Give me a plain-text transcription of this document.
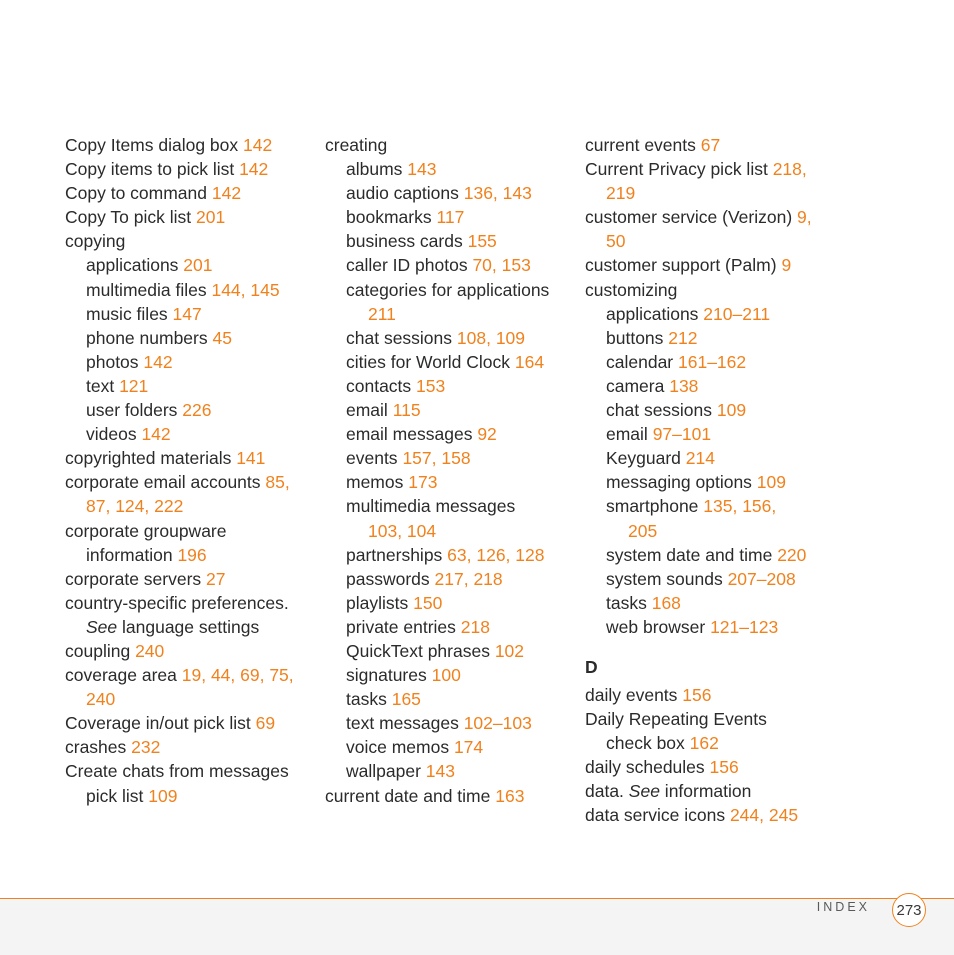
Copy Items dialog box 142
Copy items to pick list 142
Copy to command 142
Copy To pick list 201
copying
applications 201
multimedia files 144, 145
music files 147
phone numbers 45
photos 142
text 121
user folders 226
videos 142
copyrighted materials 141
corporate email accounts 85,
87, 124, 222
corporate groupware
information 196
corporate servers 27
country-specific preferences.
See language settings
coupling 240
coverage area 19, 44, 69, 75,
240
Coverage in/out pick list 69
crashes 232
Create chats from messages
pick list 109
creating
albums 143
audio captions 136, 143
bookmarks 117
business cards 155
caller ID photos 70, 153
categories for applications
211
chat sessions 108, 109
cities for World Clock 164
contacts 153
email 115
email messages 92
events 157, 158
memos 173
multimedia messages
103, 104
partnerships 63, 126, 128
passwords 217, 218
playlists 150
private entries 218
QuickText phrases 102
signatures 100
tasks 165
text messages 102–103
voice memos 174
wallpaper 143
current date and time 163
current events 67
Current Privacy pick list 218,
219
customer service (Verizon) 9,
50
customer support (Palm) 9
customizing
applications 210–211
buttons 212
calendar 161–162
camera 138
chat sessions 109
email 97–101
Keyguard 214
messaging options 109
smartphone 135, 156,
205
system date and time 220
system sounds 207–208
tasks 168
web browser 121–123
D
daily events 156
Daily Repeating Events
check box 162
daily schedules 156
data. See information
data service icons 244, 245
INDEX 273
